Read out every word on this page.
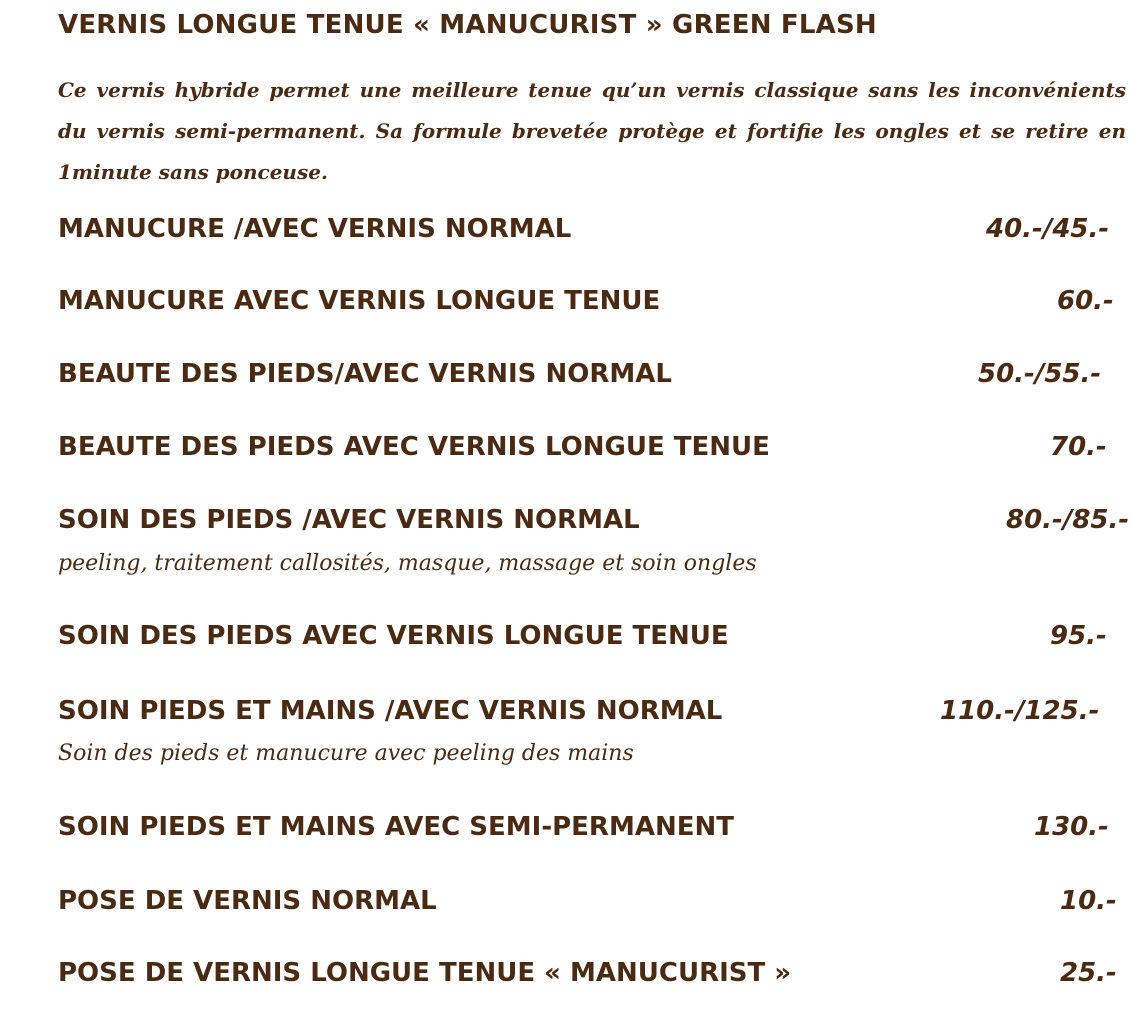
VERNIS LONGUE TENUE « MANUCURIST » GREEN FLASH
Ce vernis hybride permet une meilleure tenue qu’un vernis classique sans les inconvénients du vernis semi-permanent. Sa formule brevetée protège et fortifie les ongles et se retire en 1minute sans ponceuse.
MANUCURE /AVEC VERNIS NORMAL	40.-/45.-
MANUCURE AVEC VERNIS LONGUE TENUE	60.-
BEAUTE DES PIEDS/AVEC VERNIS NORMAL	50.-/55.-
BEAUTE DES PIEDS AVEC VERNIS LONGUE TENUE	70.-
SOIN DES PIEDS /AVEC VERNIS NORMAL	80.-/85.-
peeling, traitement callosités, masque, massage et soin ongles
SOIN DES PIEDS AVEC VERNIS LONGUE TENUE	95.-
SOIN PIEDS ET MAINS /AVEC VERNIS NORMAL	110.-/125.-
Soin des pieds et manucure avec peeling des mains
SOIN PIEDS ET MAINS AVEC SEMI-PERMANENT	130.-
POSE DE VERNIS NORMAL	10.-
POSE DE VERNIS LONGUE TENUE « MANUCURIST »	25.-
